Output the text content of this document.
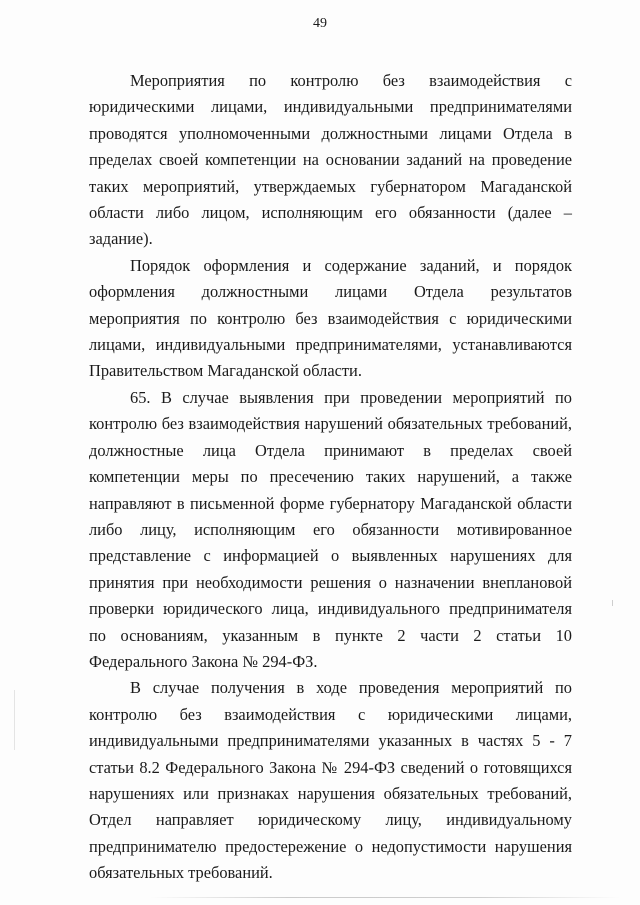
49

Мероприятия по контролю без взаимодействия с юридическими лицами, индивидуальными предпринимателями проводятся уполномоченными должностными лицами Отдела в пределах своей компетенции на основании заданий на проведение таких мероприятий, утверждаемых губернатором Магаданской области либо лицом, исполняющим его обязанности (далее – задание).

Порядок оформления и содержание заданий, и порядок оформления должностными лицами Отдела результатов мероприятия по контролю без взаимодействия с юридическими лицами, индивидуальными предпринимателями, устанавливаются Правительством Магаданской области.

65. В случае выявления при проведении мероприятий по контролю без взаимодействия нарушений обязательных требований, должностные лица Отдела принимают в пределах своей компетенции меры по пресечению таких нарушений, а также направляют в письменной форме губернатору Магаданской области либо лицу, исполняющим его обязанности мотивированное представление с информацией о выявленных нарушениях для принятия при необходимости решения о назначении внеплановой проверки юридического лица, индивидуального предпринимателя по основаниям, указанным в пункте 2 части 2 статьи 10 Федерального Закона № 294-ФЗ.

В случае получения в ходе проведения мероприятий по контролю без взаимодействия с юридическими лицами, индивидуальными предпринимателями указанных в частях 5 - 7 статьи 8.2 Федерального Закона № 294-ФЗ сведений о готовящихся нарушениях или признаках нарушения обязательных требований, Отдел направляет юридическому лицу, индивидуальному предпринимателю предостережение о недопустимости нарушения обязательных требований.
